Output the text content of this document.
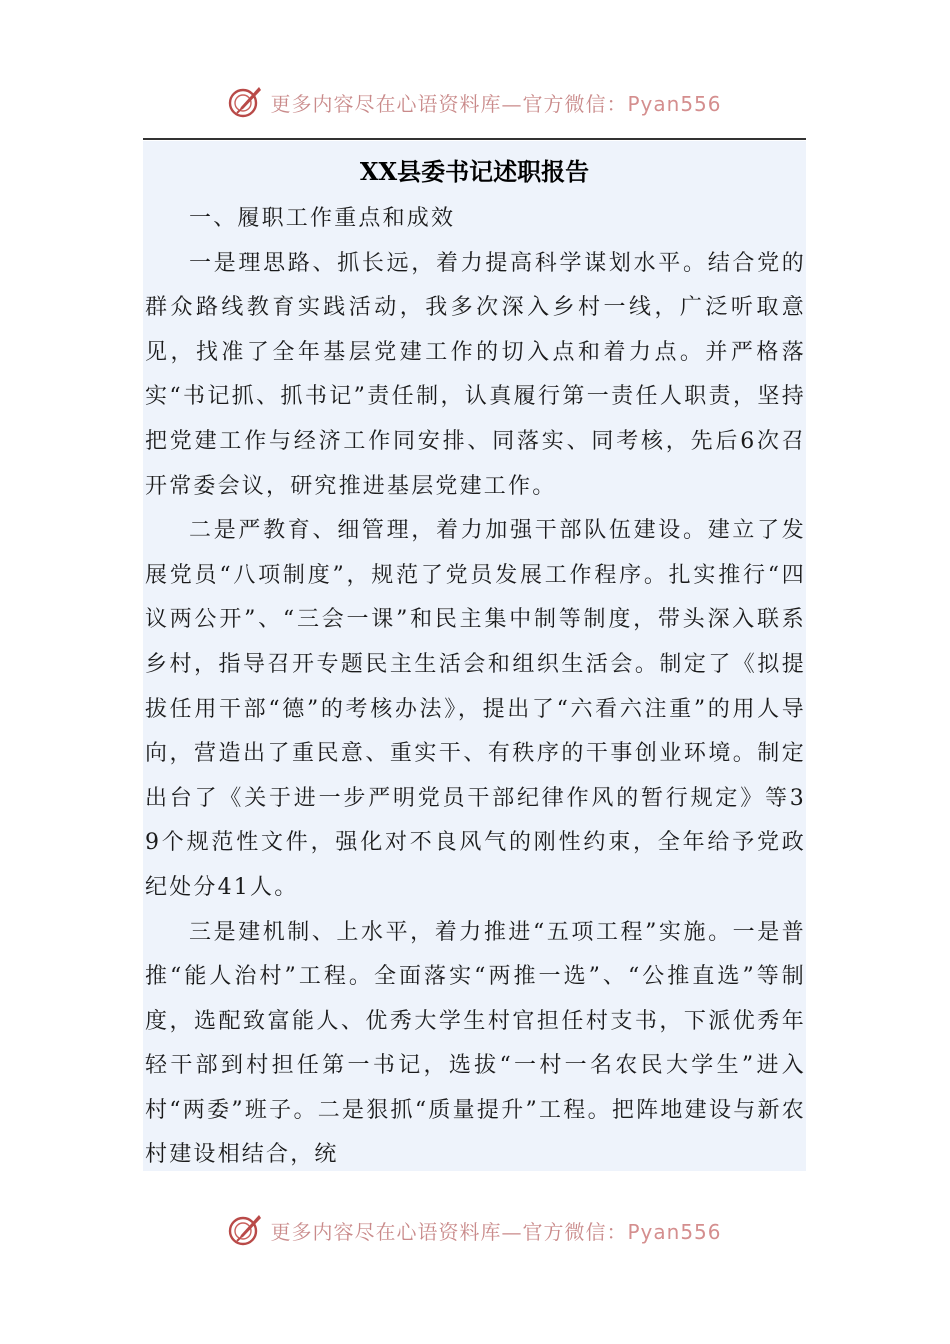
更多内容尽在心语资料库—官方微信：Pyan556
XX县委书记述职报告

一、履职工作重点和成效

一是理思路、抓长远，着力提高科学谋划水平。结合党的群众路线教育实践活动，我多次深入乡村一线，广泛听取意见，找准了全年基层党建工作的切入点和着力点。并严格落实“书记抓、抓书记”责任制，认真履行第一责任人职责，坚持把党建工作与经济工作同安排、同落实、同考核，先后6次召开常委会议，研究推进基层党建工作。

二是严教育、细管理，着力加强干部队伍建设。建立了发展党员“八项制度”，规范了党员发展工作程序。扎实推行“四议两公开”、“三会一课”和民主集中制等制度，带头深入联系乡村，指导召开专题民主生活会和组织生活会。制定了《拟提拔任用干部“德”的考核办法》，提出了“六看六注重”的用人导向，营造出了重民意、重实干、有秩序的干事创业环境。制定出台了《关于进一步严明党员干部纪律作风的暂行规定》等39个规范性文件，强化对不良风气的刚性约束，全年给予党政纪处分41人。

三是建机制、上水平，着力推进“五项工程”实施。一是普推“能人治村”工程。全面落实“两推一选”、“公推直选”等制度，选配致富能人、优秀大学生村官担任村支书，下派优秀年轻干部到村担任第一书记，选拔“一村一名农民大学生”进入村“两委”班子。二是狠抓“质量提升”工程。把阵地建设与新农村建设相结合，统

更多内容尽在心语资料库—官方微信：Pyan556
